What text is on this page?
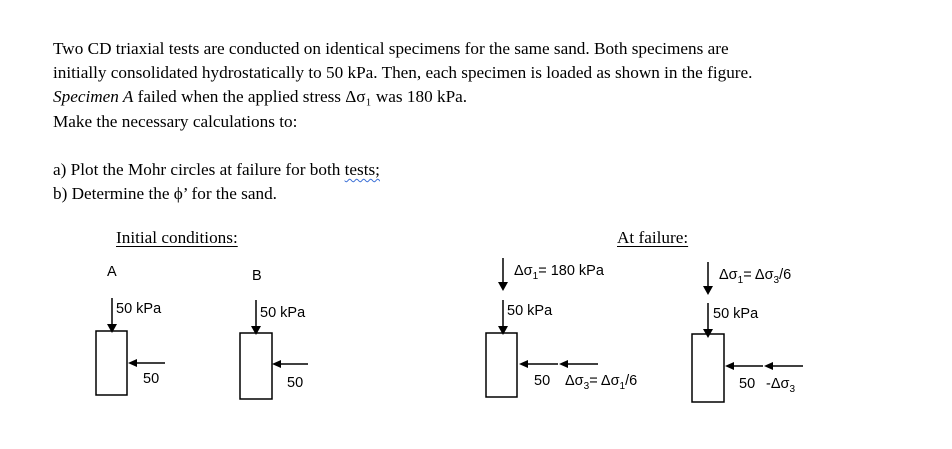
Two CD triaxial tests are conducted on identical specimens for the same sand. Both specimens are

initially consolidated hydrostatically to 50 kPa. Then, each specimen is loaded as shown in the figure.

Specimen A failed when the applied stress Δσ₁ was 180 kPa.

Make the necessary calculations to:

a) Plot the Mohr circles at failure for both tests;

b) Determine the ϕ’ for the sand.

Initial conditions:	At failure:
A	B
50 kPa
50
50 kPa
50
$\Delta\sigma_1= 180$ kPa
50 kPa
50 $\Delta\sigma_3= \Delta\sigma_1/6$
$\Delta\sigma_1= \Delta\sigma_3/6$
50 kPa
50 $-\Delta\sigma_3$
